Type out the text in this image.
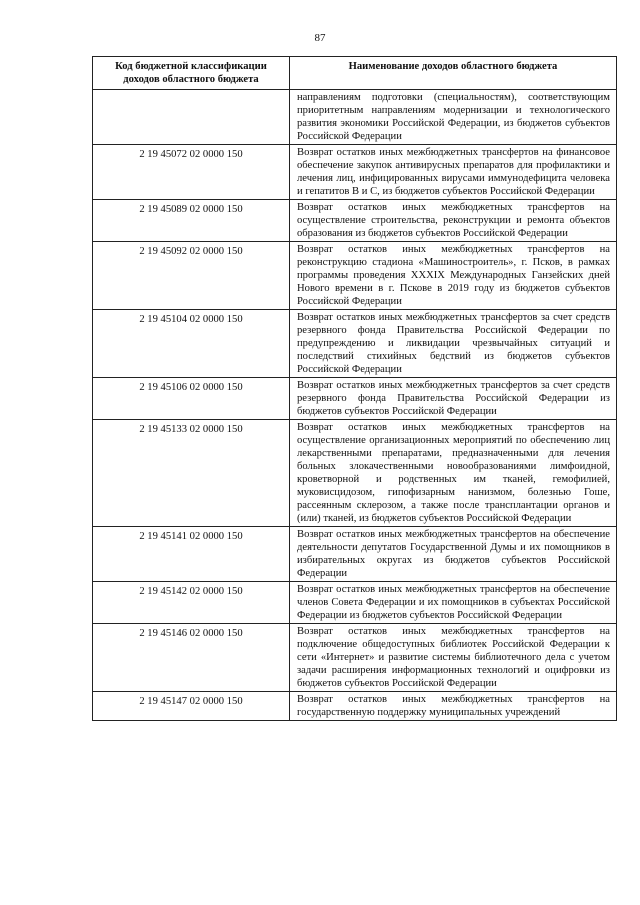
87
Код бюджетной классификации доходов областного бюджета	Наименование доходов областного бюджета
	направлениям подготовки (специальностям), соответствующим приоритетным направлениям модернизации и технологического развития экономики Российской Федерации, из бюджетов субъектов Российской Федерации
2 19 45072 02 0000 150	Возврат остатков иных межбюджетных трансфертов на финансовое обеспечение закупок антивирусных препаратов для профилактики и лечения лиц, инфицированных вирусами иммунодефицита человека и гепатитов В и С, из бюджетов субъектов Российской Федерации
2 19 45089 02 0000 150	Возврат остатков иных межбюджетных трансфертов на осуществление строительства, реконструкции и ремонта объектов образования из бюджетов субъектов Российской Федерации
2 19 45092 02 0000 150	Возврат остатков иных межбюджетных трансфертов на реконструкцию стадиона «Машиностроитель», г. Псков, в рамках программы проведения XXXIX Международных Ганзейских дней Нового времени в г. Пскове в 2019 году из бюджетов субъектов Российской Федерации
2 19 45104 02 0000 150	Возврат остатков иных межбюджетных трансфертов за счет средств резервного фонда Правительства Российской Федерации по предупреждению и ликвидации чрезвычайных ситуаций и последствий стихийных бедствий из бюджетов субъектов Российской Федерации
2 19 45106 02 0000 150	Возврат остатков иных межбюджетных трансфертов за счет средств резервного фонда Правительства Российской Федерации из бюджетов субъектов Российской Федерации
2 19 45133 02 0000 150	Возврат остатков иных межбюджетных трансфертов на осуществление организационных мероприятий по обеспечению лиц лекарственными препаратами, предназначенными для лечения больных злокачественными новообразованиями лимфоидной, кроветворной и родственных им тканей, гемофилией, муковисцидозом, гипофизарным нанизмом, болезнью Гоше, рассеянным склерозом, а также после трансплантации органов и (или) тканей, из бюджетов субъектов Российской Федерации
2 19 45141 02 0000 150	Возврат остатков иных межбюджетных трансфертов на обеспечение деятельности депутатов Государственной Думы и их помощников в избирательных округах из бюджетов субъектов Российской Федерации
2 19 45142 02 0000 150	Возврат остатков иных межбюджетных трансфертов на обеспечение членов Совета Федерации и их помощников в субъектах Российской Федерации из бюджетов субъектов Российской Федерации
2 19 45146 02 0000 150	Возврат остатков иных межбюджетных трансфертов на подключение общедоступных библиотек Российской Федерации к сети «Интернет» и развитие системы библиотечного дела с учетом задачи расширения информационных технологий и оцифровки из бюджетов субъектов Российской Федерации
2 19 45147 02 0000 150	Возврат остатков иных межбюджетных трансфертов на государственную поддержку муниципальных учреждений
